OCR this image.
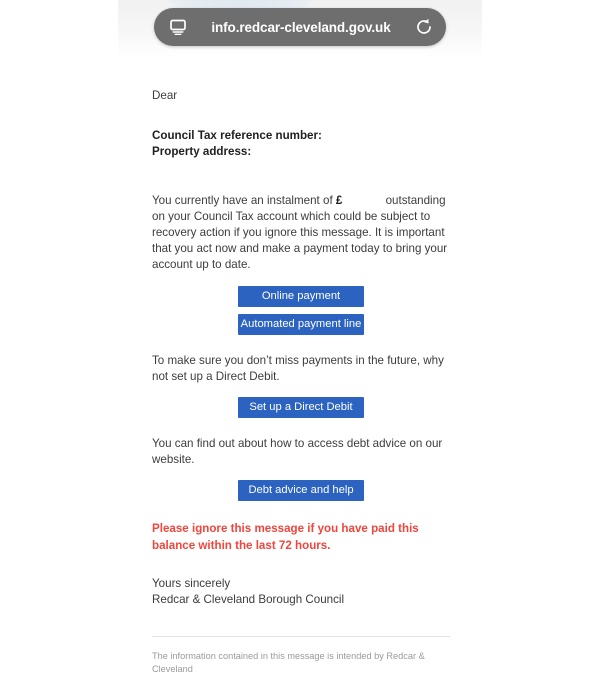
info.redcar-cleveland.gov.uk

Dear

Council Tax reference number:

Property address:

You currently have an instalment of £	outstanding on your Council Tax account which could be subject to recovery action if you ignore this message. It is important that you act now and make a payment today to bring your account up to date.

Online payment
Automated payment line

To make sure you don’t miss payments in the future, why not set up a Direct Debit.

Set up a Direct Debit

You can find out about how to access debt advice on our website.

Debt advice and help

Please ignore this message if you have paid this balance within the last 72 hours.

Yours sincerely

Redcar & Cleveland Borough Council

The information contained in this message is intended by Redcar & Cleveland
